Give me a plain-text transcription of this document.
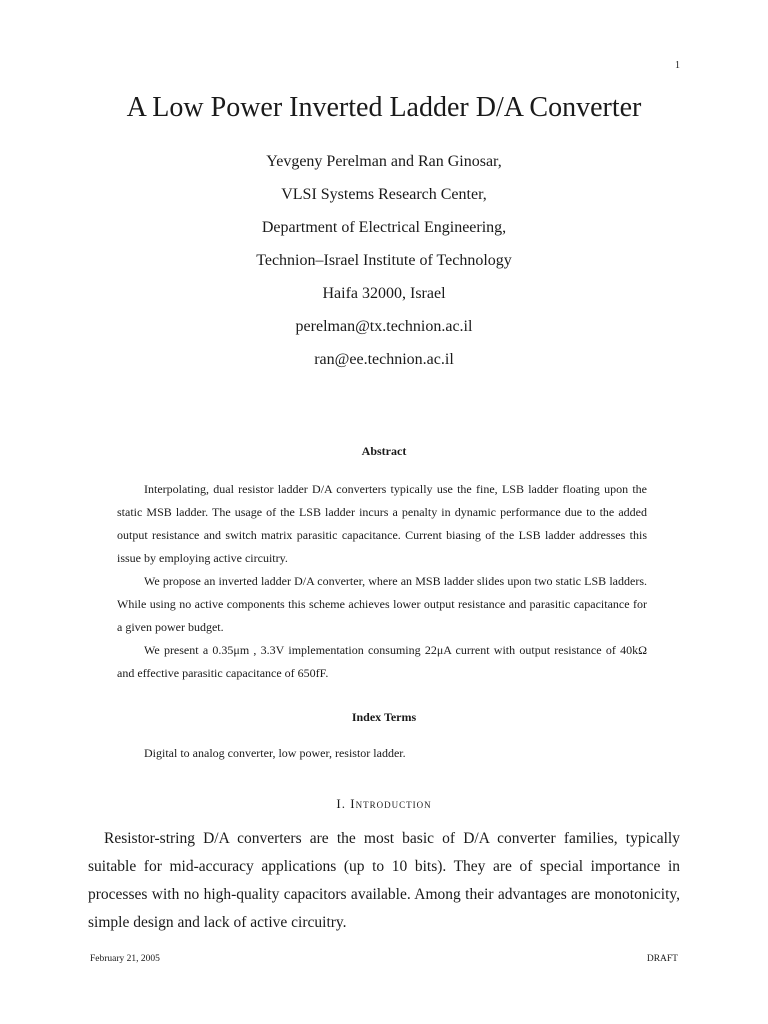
1
A Low Power Inverted Ladder D/A Converter
Yevgeny Perelman and Ran Ginosar,
VLSI Systems Research Center,
Department of Electrical Engineering,
Technion–Israel Institute of Technology
Haifa 32000, Israel
perelman@tx.technion.ac.il
ran@ee.technion.ac.il
Abstract

Interpolating, dual resistor ladder D/A converters typically use the fine, LSB ladder floating upon the static MSB ladder. The usage of the LSB ladder incurs a penalty in dynamic performance due to the added output resistance and switch matrix parasitic capacitance. Current biasing of the LSB ladder addresses this issue by employing active circuitry.

We propose an inverted ladder D/A converter, where an MSB ladder slides upon two static LSB ladders. While using no active components this scheme achieves lower output resistance and parasitic capacitance for a given power budget.

We present a 0.35μm , 3.3V implementation consuming 22μA current with output resistance of 40kΩ and effective parasitic capacitance of 650fF.

Index Terms
Digital to analog converter, low power, resistor ladder.
I. Introduction

Resistor-string D/A converters are the most basic of D/A converter families, typically suitable for mid-accuracy applications (up to 10 bits). They are of special importance in processes with no high-quality capacitors available. Among their advantages are monotonicity, simple design and lack of active circuitry.

February 21, 2005	DRAFT
